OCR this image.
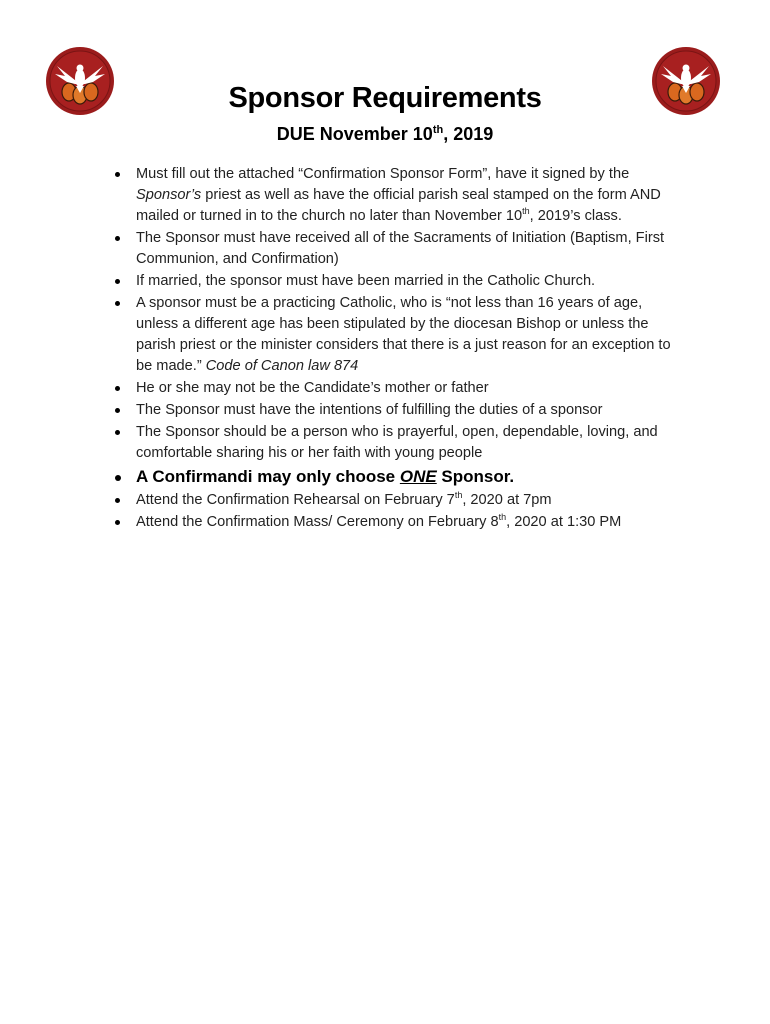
Sponsor Requirements
DUE November 10th, 2019
Must fill out the attached “Confirmation Sponsor Form”, have it signed by the Sponsor’s priest as well as have the official parish seal stamped on the form AND mailed or turned in to the church no later than November 10th, 2019’s class.
The Sponsor must have received all of the Sacraments of Initiation (Baptism, First Communion, and Confirmation)
If married, the sponsor must have been married in the Catholic Church.
A sponsor must be a practicing Catholic, who is “not less than 16 years of age, unless a different age has been stipulated by the diocesan Bishop or unless the parish priest or the minister considers that there is a just reason for an exception to be made.” Code of Canon law 874
He or she may not be the Candidate’s mother or father
The Sponsor must have the intentions of fulfilling the duties of a sponsor
The Sponsor should be a person who is prayerful, open, dependable, loving, and comfortable sharing his or her faith with young people
A Confirmandi may only choose ONE Sponsor.
Attend the Confirmation Rehearsal on February 7th, 2020 at 7pm
Attend the Confirmation Mass/ Ceremony on February 8th, 2020 at 1:30 PM
